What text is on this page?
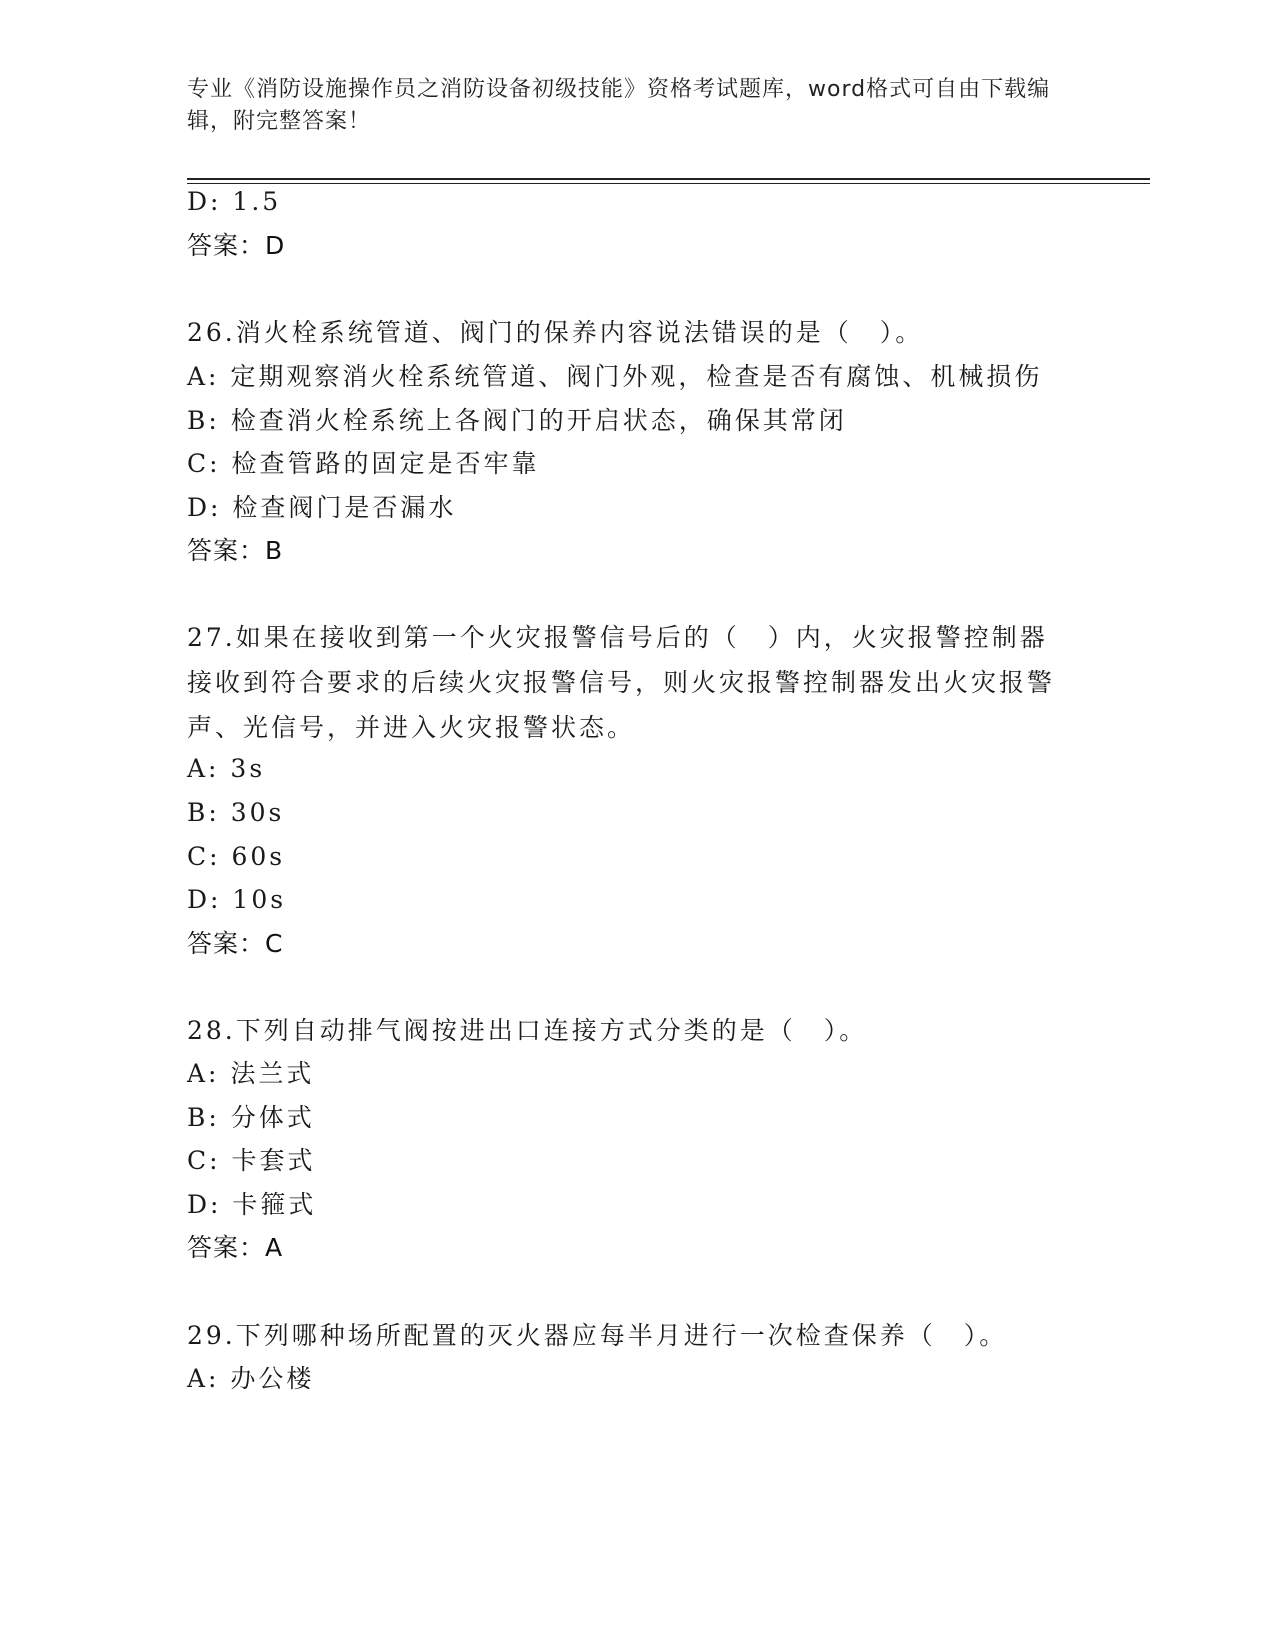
专业《消防设施操作员之消防设备初级技能》资格考试题库，word格式可自由下载编辑，附完整答案！
D: 1.5
答案：D
26.消火栓系统管道、阀门的保养内容说法错误的是（　）。
A: 定期观察消火栓系统管道、阀门外观，检查是否有腐蚀、机械损伤
B: 检查消火栓系统上各阀门的开启状态，确保其常闭
C: 检查管路的固定是否牢靠
D: 检查阀门是否漏水
答案：B
27.如果在接收到第一个火灾报警信号后的（　）内，火灾报警控制器接收到符合要求的后续火灾报警信号，则火灾报警控制器发出火灾报警声、光信号，并进入火灾报警状态。
A: 3s
B: 30s
C: 60s
D: 10s
答案：C
28.下列自动排气阀按进出口连接方式分类的是（　）。
A: 法兰式
B: 分体式
C: 卡套式
D: 卡箍式
答案：A
29.下列哪种场所配置的灭火器应每半月进行一次检查保养（　）。
A: 办公楼
